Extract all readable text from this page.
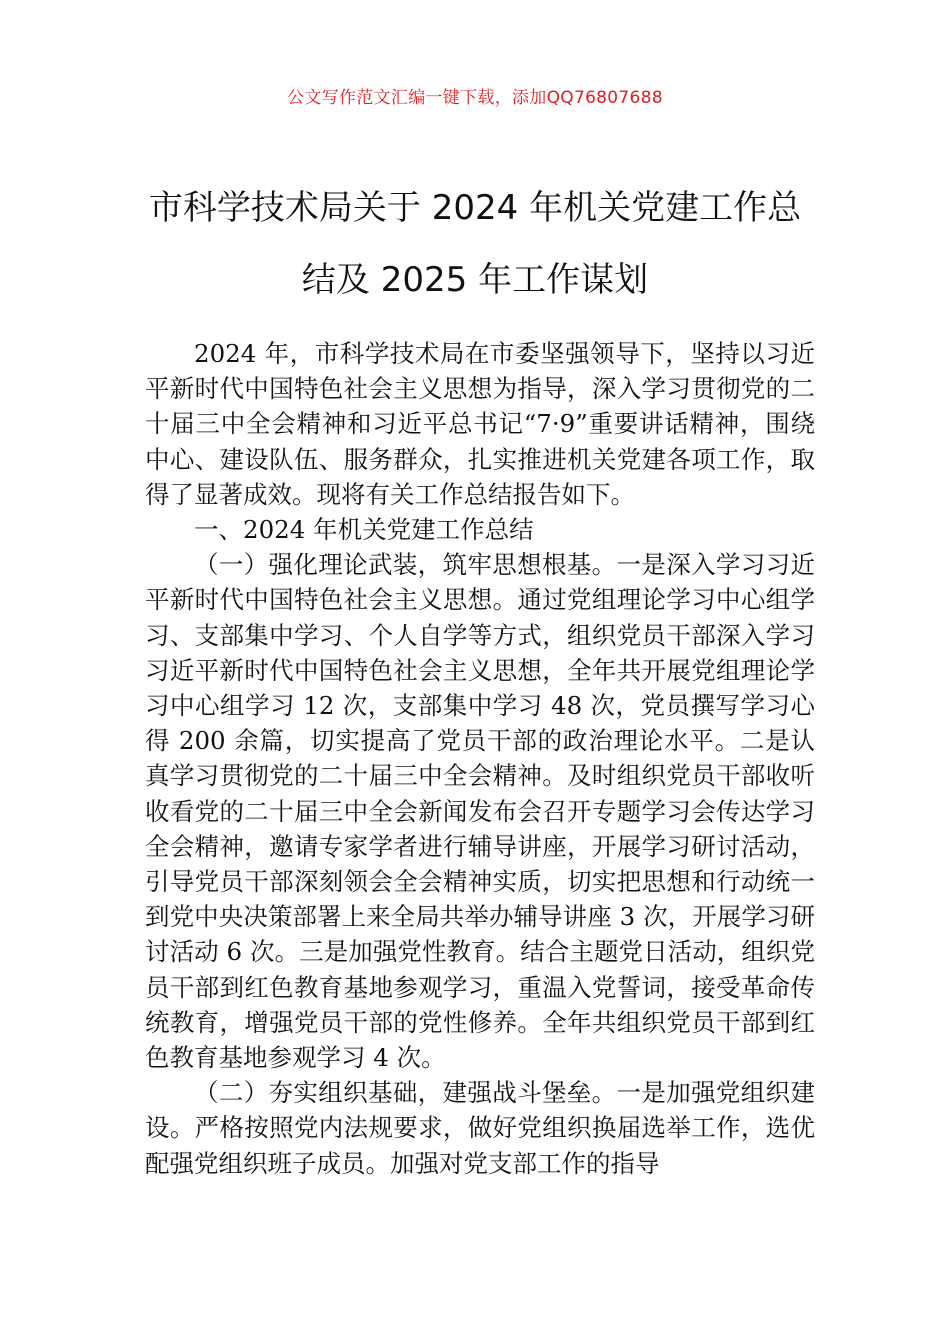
公文写作范文汇编一键下载，添加QQ76807688
市科学技术局关于 2024 年机关党建工作总
结及 2025 年工作谋划

2024 年，市科学技术局在市委坚强领导下，坚持以习近平新时代中国特色社会主义思想为指导，深入学习贯彻党的二十届三中全会精神和习近平总书记“7·9”重要讲话精神，围绕中心、建设队伍、服务群众，扎实推进机关党建各项工作，取得了显著成效。现将有关工作总结报告如下。

一、2024 年机关党建工作总结

（一）强化理论武装，筑牢思想根基。一是深入学习习近平新时代中国特色社会主义思想。通过党组理论学习中心组学习、支部集中学习、个人自学等方式，组织党员干部深入学习习近平新时代中国特色社会主义思想，全年共开展党组理论学习中心组学习 12 次，支部集中学习 48 次，党员撰写学习心得 200 余篇，切实提高了党员干部的政治理论水平。二是认真学习贯彻党的二十届三中全会精神。及时组织党员干部收听收看党的二十届三中全会新闻发布会召开专题学习会传达学习全会精神，邀请专家学者进行辅导讲座，开展学习研讨活动，引导党员干部深刻领会全会精神实质，切实把思想和行动统一到党中央决策部署上来全局共举办辅导讲座 3 次，开展学习研讨活动 6 次。三是加强党性教育。结合主题党日活动，组织党员干部到红色教育基地参观学习，重温入党誓词，接受革命传统教育，增强党员干部的党性修养。全年共组织党员干部到红色教育基地参观学习 4 次。

（二）夯实组织基础，建强战斗堡垒。一是加强党组织建设。严格按照党内法规要求，做好党组织换届选举工作，选优配强党组织班子成员。加强对党支部工作的指导
